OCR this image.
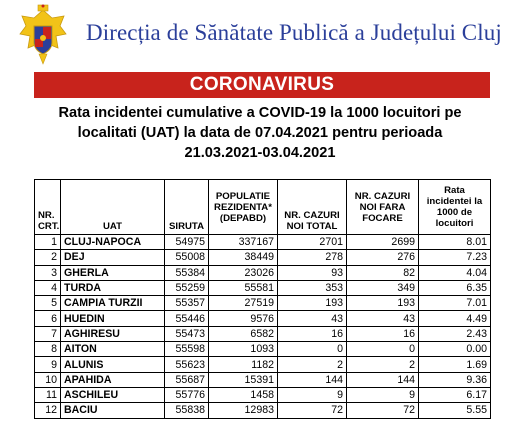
Direcția de Sănătate Publică a Județului Cluj
CORONAVIRUS
Rata incidentei cumulative a COVID-19 la 1000 locuitori pe
localitati (UAT) la data de 07.04.2021 pentru perioada
21.03.2021-03.04.2021
NR. CRT.	UAT	SIRUTA	POPULATIE REZIDENTA* (DEPABD)	NR. CAZURI NOI TOTAL	NR. CAZURI NOI FARA FOCARE	Rata incidentei la 1000 de locuitori
1	CLUJ-NAPOCA	54975	337167	2701	2699	8.01
2	DEJ	55008	38449	278	276	7.23
3	GHERLA	55384	23026	93	82	4.04
4	TURDA	55259	55581	353	349	6.35
5	CAMPIA TURZII	55357	27519	193	193	7.01
6	HUEDIN	55446	9576	43	43	4.49
7	AGHIRESU	55473	6582	16	16	2.43
8	AITON	55598	1093	0	0	0.00
9	ALUNIS	55623	1182	2	2	1.69
10	APAHIDA	55687	15391	144	144	9.36
11	ASCHILEU	55776	1458	9	9	6.17
12	BACIU	55838	12983	72	72	5.55
